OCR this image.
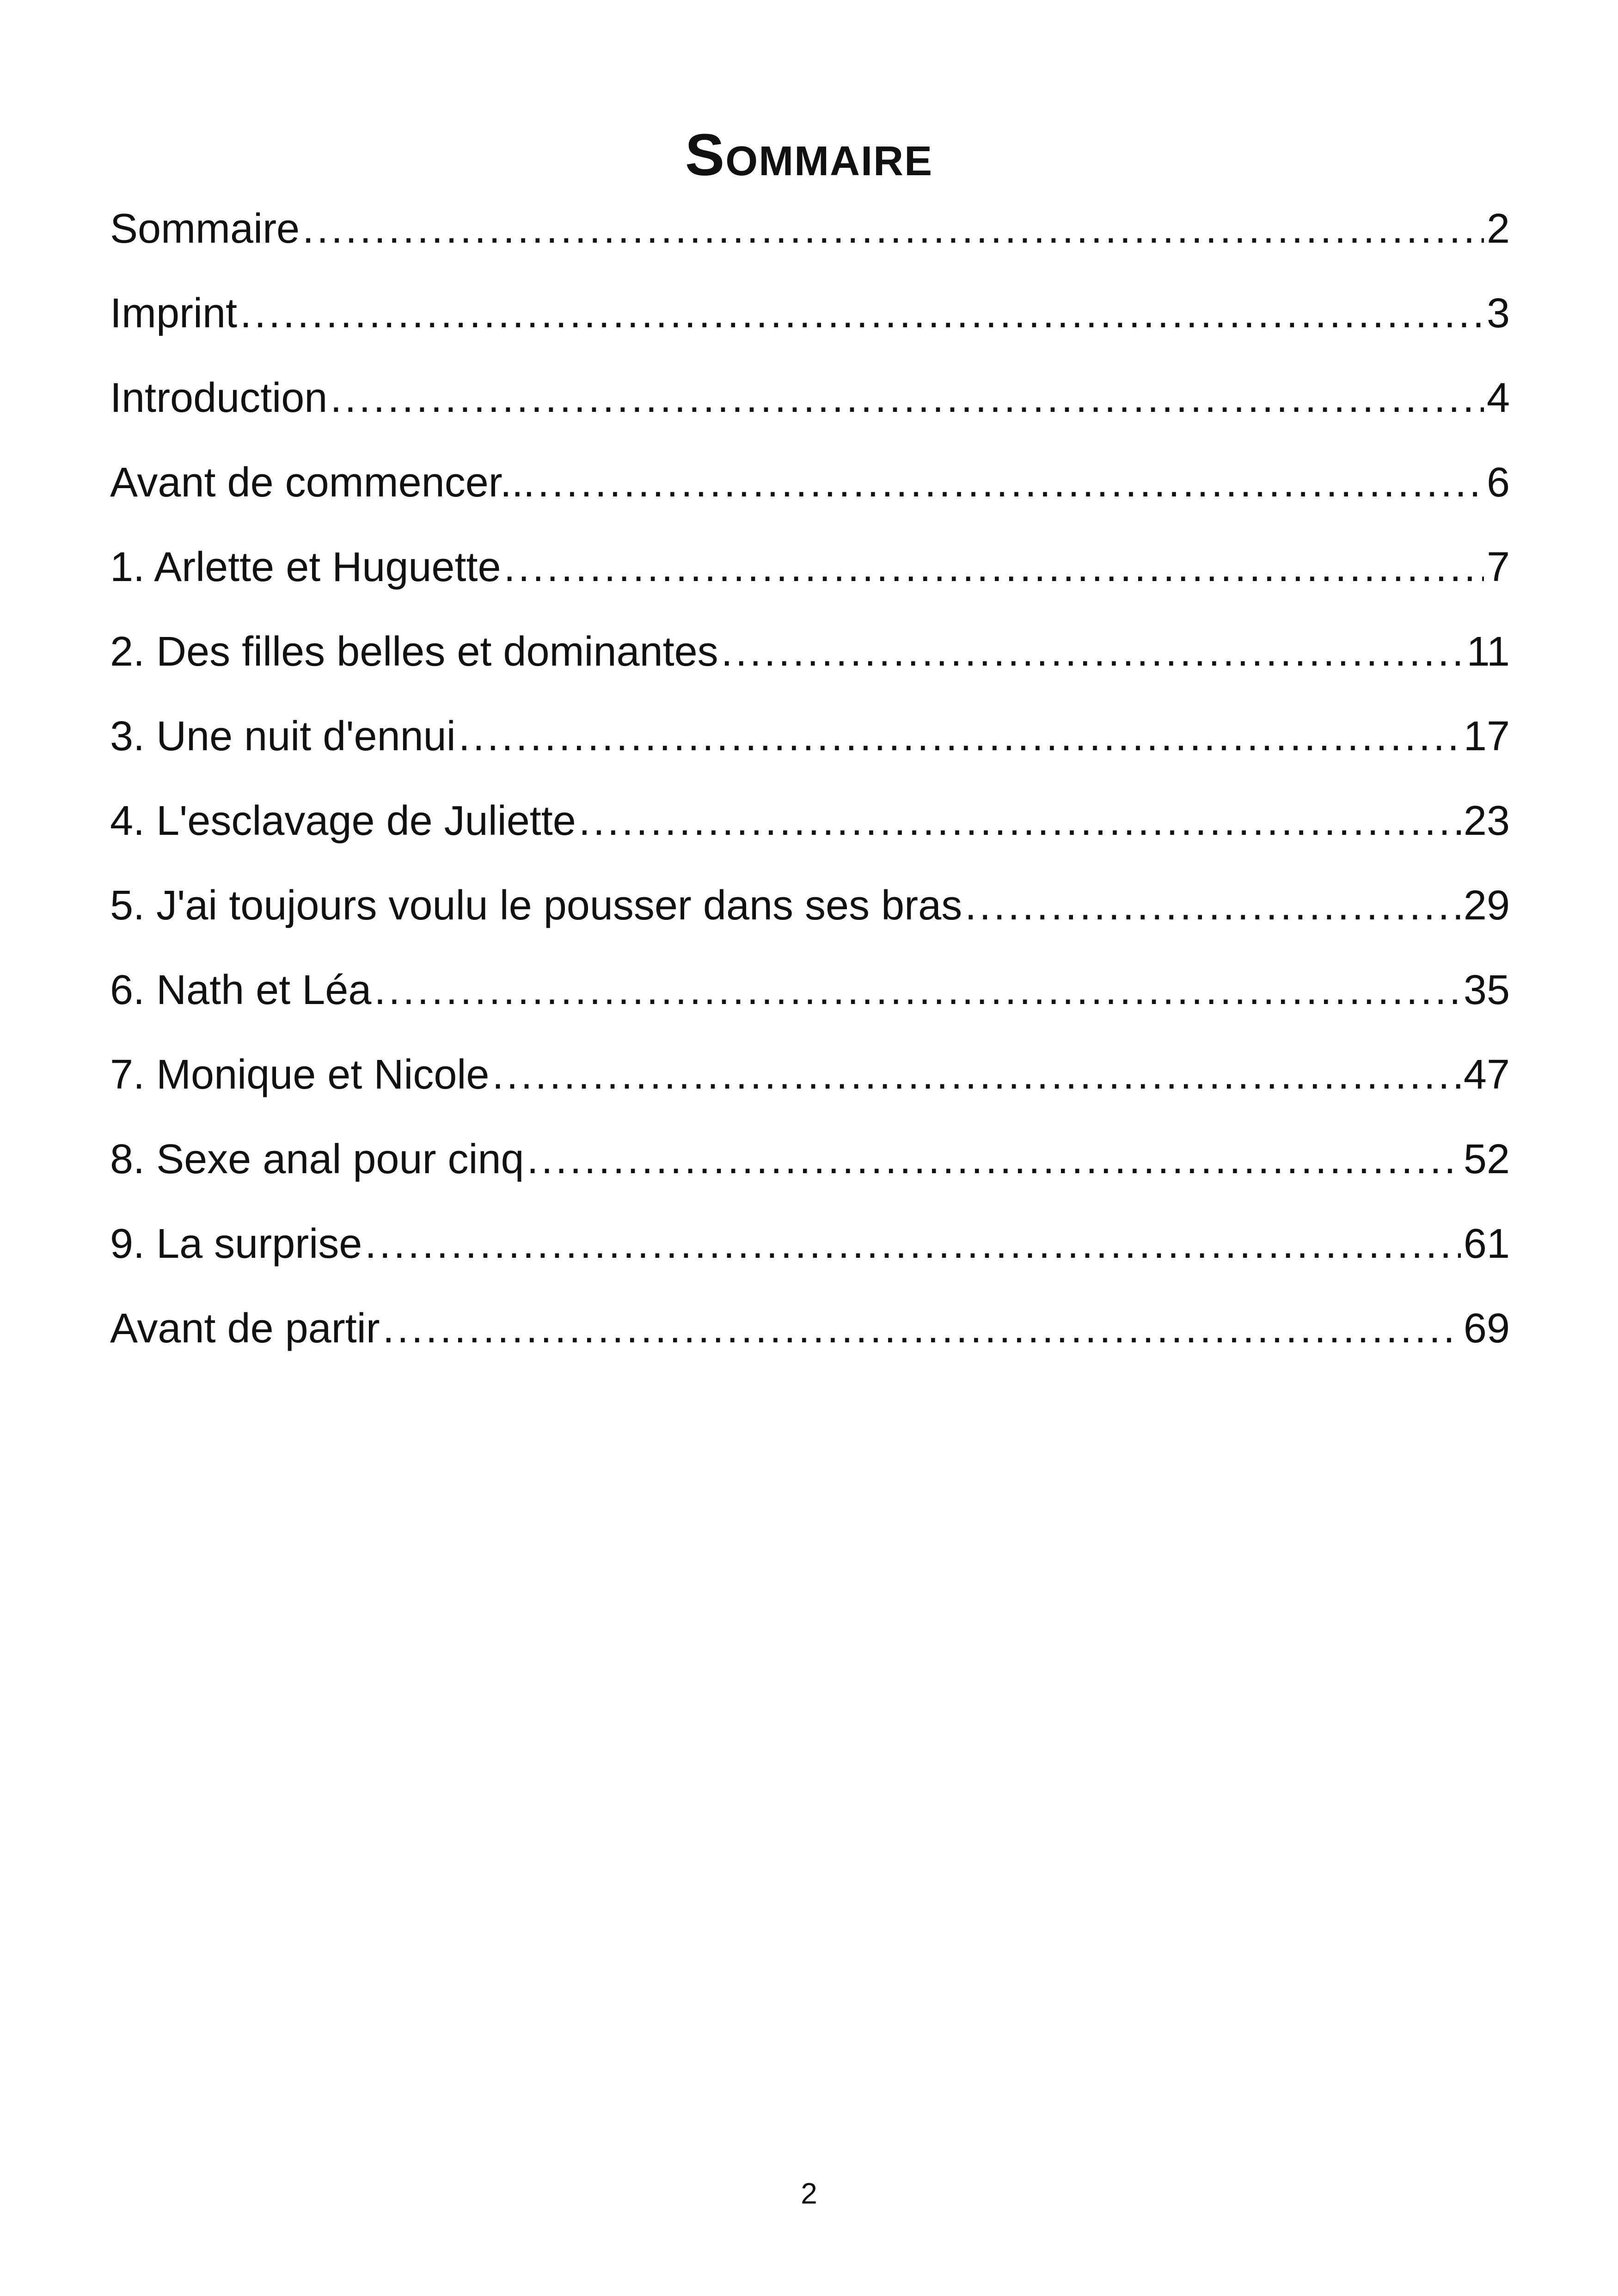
Sommaire
Sommaire .....	2
Imprint .....	3
Introduction .....	4
Avant de commencer... .....	6
1. Arlette et Huguette .....	7
2. Des filles belles et dominantes .....	11
3. Une nuit d'ennui .....	17
4. L'esclavage de Juliette .....	23
5. J'ai toujours voulu le pousser dans ses bras .....	29
6. Nath et Léa .....	35
7. Monique et Nicole .....	47
8. Sexe anal pour cinq .....	52
9. La surprise .....	61
Avant de partir .....	69
2
